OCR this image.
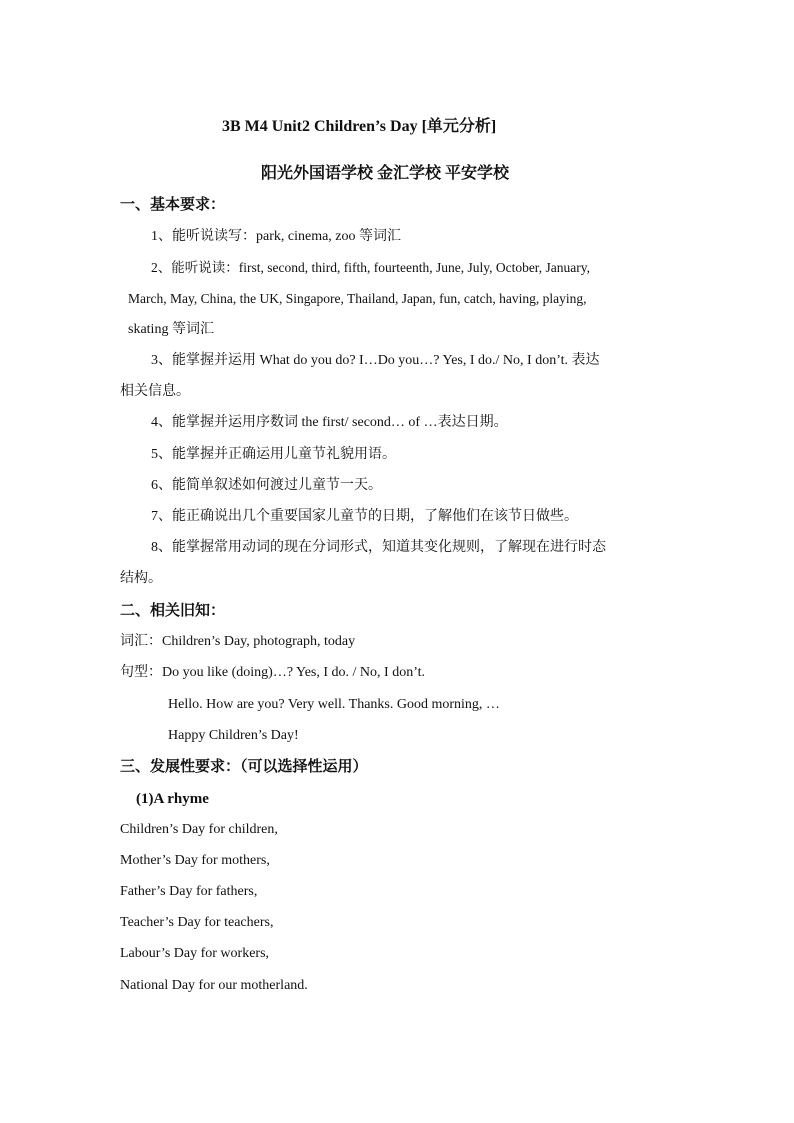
3B M4 Unit2 Children’s Day [单元分析]
阳光外国语学校 金汇学校 平安学校
一、基本要求：
1、能听说读写：park, cinema, zoo 等词汇
2、能听说读：first, second, third, fifth, fourteenth, June, July, October, January,
March, May, China, the UK, Singapore, Thailand, Japan, fun, catch, having, playing,
skating 等词汇
3、能掌握并运用 What do you do? I…Do you…? Yes, I do./ No, I don’t. 表达
相关信息。
4、能掌握并运用序数词 the first/ second… of …表达日期。
5、能掌握并正确运用儿童节礼貌用语。
6、能简单叙述如何渡过儿童节一天。
7、能正确说出几个重要国家儿童节的日期，了解他们在该节日做些。
8、能掌握常用动词的现在分词形式，知道其变化规则，了解现在进行时态
结构。
二、相关旧知：
词汇：Children’s Day, photograph, today
句型：Do you like (doing)…? Yes, I do. / No, I don’t.
Hello. How are you? Very well. Thanks. Good morning, …
Happy Children’s Day!
三、发展性要求：（可以选择性运用）
(1)A rhyme
Children’s Day for children,
Mother’s Day for mothers,
Father’s Day for fathers,
Teacher’s Day for teachers,
Labour’s Day for workers,
National Day for our motherland.
